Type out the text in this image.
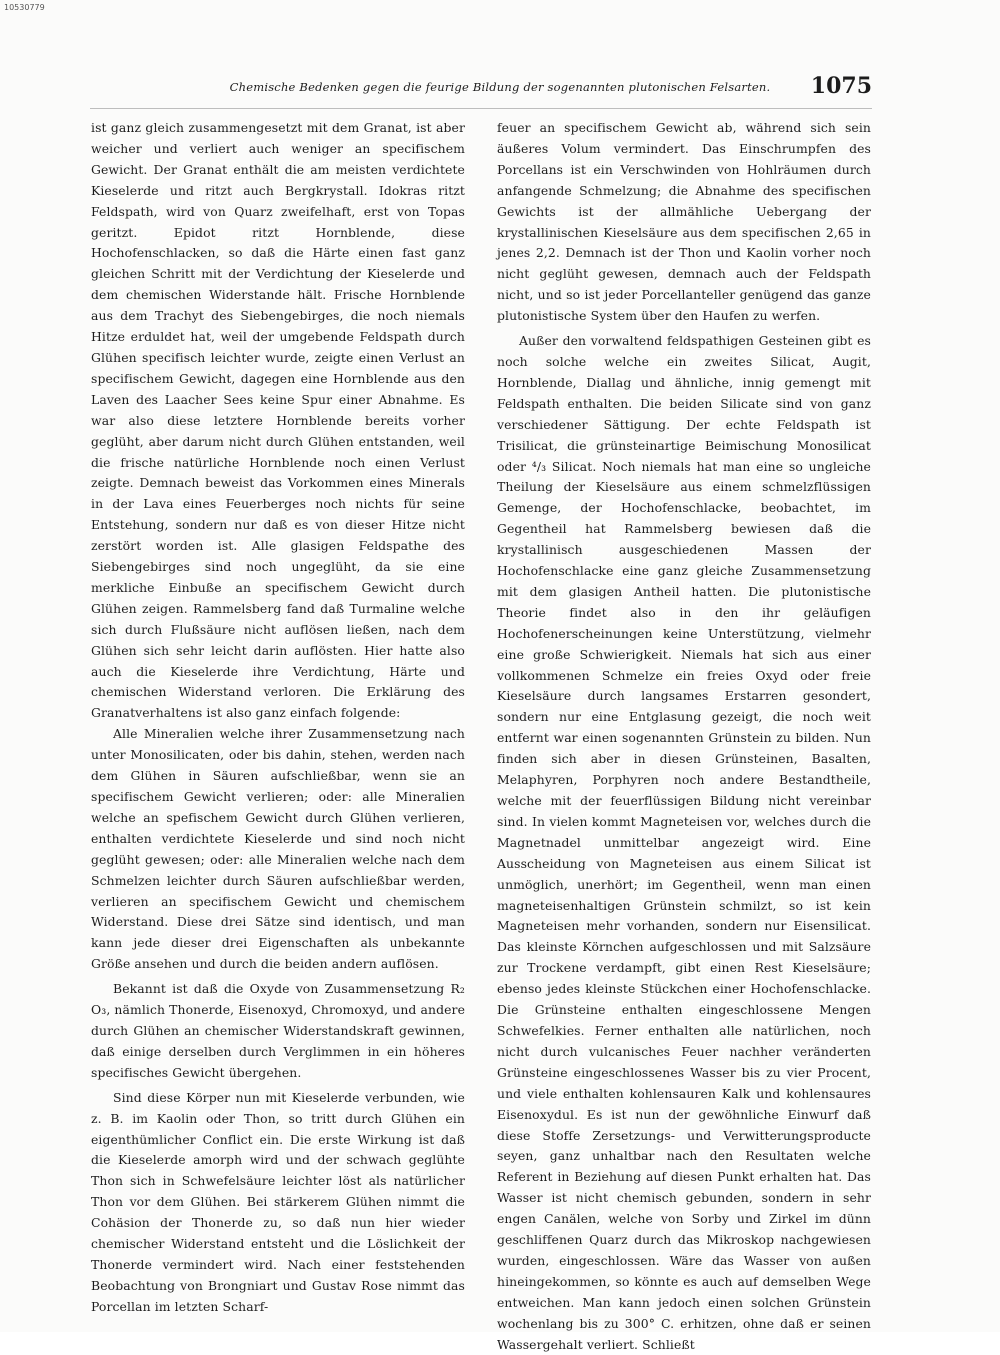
10530779
Chemische Bedenken gegen die feurige Bildung der sogenannten plutonischen Felsarten.	1075

ist ganz gleich zusammengesetzt mit dem Granat, ist aber weicher und verliert auch weniger an specifischem Gewicht. Der Granat enthält die am meisten verdichtete Kieselerde und ritzt auch Bergkrystall. Idokras ritzt Feldspath, wird von Quarz zweifelhaft, erst von Topas geritzt. Epidot ritzt Hornblende, diese Hochofenschlacken, so daß die Härte einen fast ganz gleichen Schritt mit der Verdichtung der Kieselerde und dem chemischen Widerstande hält. Frische Hornblende aus dem Trachyt des Siebengebirges, die noch niemals Hitze erduldet hat, weil der umgebende Feldspath durch Glühen specifisch leichter wurde, zeigte einen Verlust an specifischem Gewicht, dagegen eine Hornblende aus den Laven des Laacher Sees keine Spur einer Abnahme. Es war also diese letztere Hornblende bereits vorher geglüht, aber darum nicht durch Glühen entstanden, weil die frische natürliche Hornblende noch einen Verlust zeigte. Demnach beweist das Vorkommen eines Minerals in der Lava eines Feuerberges noch nichts für seine Entstehung, sondern nur daß es von dieser Hitze nicht zerstört worden ist. Alle glasigen Feldspathe des Siebengebirges sind noch ungeglüht, da sie eine merkliche Einbuße an specifischem Gewicht durch Glühen zeigen. Rammelsberg fand daß Turmaline welche sich durch Flußsäure nicht auflösen ließen, nach dem Glühen sich sehr leicht darin auflösten. Hier hatte also auch die Kieselerde ihre Verdichtung, Härte und chemischen Widerstand verloren. Die Erklärung des Granatverhaltens ist also ganz einfach folgende:

Alle Mineralien welche ihrer Zusammensetzung nach unter Monosilicaten, oder bis dahin, stehen, werden nach dem Glühen in Säuren aufschließbar, wenn sie an specifischem Gewicht verlieren; oder: alle Mineralien welche an spefischem Gewicht durch Glühen verlieren, enthalten verdichtete Kieselerde und sind noch nicht geglüht gewesen; oder: alle Mineralien welche nach dem Schmelzen leichter durch Säuren aufschließbar werden, verlieren an specifischem Gewicht und chemischem Widerstand. Diese drei Sätze sind identisch, und man kann jede dieser drei Eigenschaften als unbekannte Größe ansehen und durch die beiden andern auflösen.

Bekannt ist daß die Oxyde von Zusammensetzung R₂ O₃, nämlich Thonerde, Eisenoxyd, Chromoxyd, und andere durch Glühen an chemischer Widerstandskraft gewinnen, daß einige derselben durch Verglimmen in ein höheres specifisches Gewicht übergehen.

Sind diese Körper nun mit Kieselerde verbunden, wie z. B. im Kaolin oder Thon, so tritt durch Glühen ein eigenthümlicher Conflict ein. Die erste Wirkung ist daß die Kieselerde amorph wird und der schwach geglühte Thon sich in Schwefelsäure leichter löst als natürlicher Thon vor dem Glühen. Bei stärkerem Glühen nimmt die Cohäsion der Thonerde zu, so daß nun hier wieder chemischer Widerstand entsteht und die Löslichkeit der Thonerde vermindert wird. Nach einer feststehenden Beobachtung von Brongniart und Gustav Rose nimmt das Porcellan im letzten Scharf-

feuer an specifischem Gewicht ab, während sich sein äußeres Volum vermindert. Das Einschrumpfen des Porcellans ist ein Verschwinden von Hohlräumen durch anfangende Schmelzung; die Abnahme des specifischen Gewichts ist der allmähliche Uebergang der krystallinischen Kieselsäure aus dem specifischen 2,65 in jenes 2,2. Demnach ist der Thon und Kaolin vorher noch nicht geglüht gewesen, demnach auch der Feldspath nicht, und so ist jeder Porcellanteller genügend das ganze plutonistische System über den Haufen zu werfen.

Außer den vorwaltend feldspathigen Gesteinen gibt es noch solche welche ein zweites Silicat, Augit, Hornblende, Diallag und ähnliche, innig gemengt mit Feldspath enthalten. Die beiden Silicate sind von ganz verschiedener Sättigung. Der echte Feldspath ist Trisilicat, die grünsteinartige Beimischung Monosilicat oder ⁴/₃ Silicat. Noch niemals hat man eine so ungleiche Theilung der Kieselsäure aus einem schmelzflüssigen Gemenge, der Hochofenschlacke, beobachtet, im Gegentheil hat Rammelsberg bewiesen daß die krystallinisch ausgeschiedenen Massen der Hochofenschlacke eine ganz gleiche Zusammensetzung mit dem glasigen Antheil hatten. Die plutonistische Theorie findet also in den ihr geläufigen Hochofenerscheinungen keine Unterstützung, vielmehr eine große Schwierigkeit. Niemals hat sich aus einer vollkommenen Schmelze ein freies Oxyd oder freie Kieselsäure durch langsames Erstarren gesondert, sondern nur eine Entglasung gezeigt, die noch weit entfernt war einen sogenannten Grünstein zu bilden. Nun finden sich aber in diesen Grünsteinen, Basalten, Melaphyren, Porphyren noch andere Bestandtheile, welche mit der feuerflüssigen Bildung nicht vereinbar sind. In vielen kommt Magneteisen vor, welches durch die Magnetnadel unmittelbar angezeigt wird. Eine Ausscheidung von Magneteisen aus einem Silicat ist unmöglich, unerhört; im Gegentheil, wenn man einen magneteisenhaltigen Grünstein schmilzt, so ist kein Magneteisen mehr vorhanden, sondern nur Eisensilicat. Das kleinste Körnchen aufgeschlossen und mit Salzsäure zur Trockene verdampft, gibt einen Rest Kieselsäure; ebenso jedes kleinste Stückchen einer Hochofenschlacke. Die Grünsteine enthalten eingeschlossene Mengen Schwefelkies. Ferner enthalten alle natürlichen, noch nicht durch vulcanisches Feuer nachher veränderten Grünsteine eingeschlossenes Wasser bis zu vier Procent, und viele enthalten kohlensauren Kalk und kohlensaures Eisenoxydul. Es ist nun der gewöhnliche Einwurf daß diese Stoffe Zersetzungs- und Verwitterungsproducte seyen, ganz unhaltbar nach den Resultaten welche Referent in Beziehung auf diesen Punkt erhalten hat. Das Wasser ist nicht chemisch gebunden, sondern in sehr engen Canälen, welche von Sorby und Zirkel im dünn geschliffenen Quarz durch das Mikroskop nachgewiesen wurden, eingeschlossen. Wäre das Wasser von außen hineingekommen, so könnte es auch auf demselben Wege entweichen. Man kann jedoch einen solchen Grünstein wochenlang bis zu 300° C. erhitzen, ohne daß er seinen Wassergehalt verliert. Schließt
